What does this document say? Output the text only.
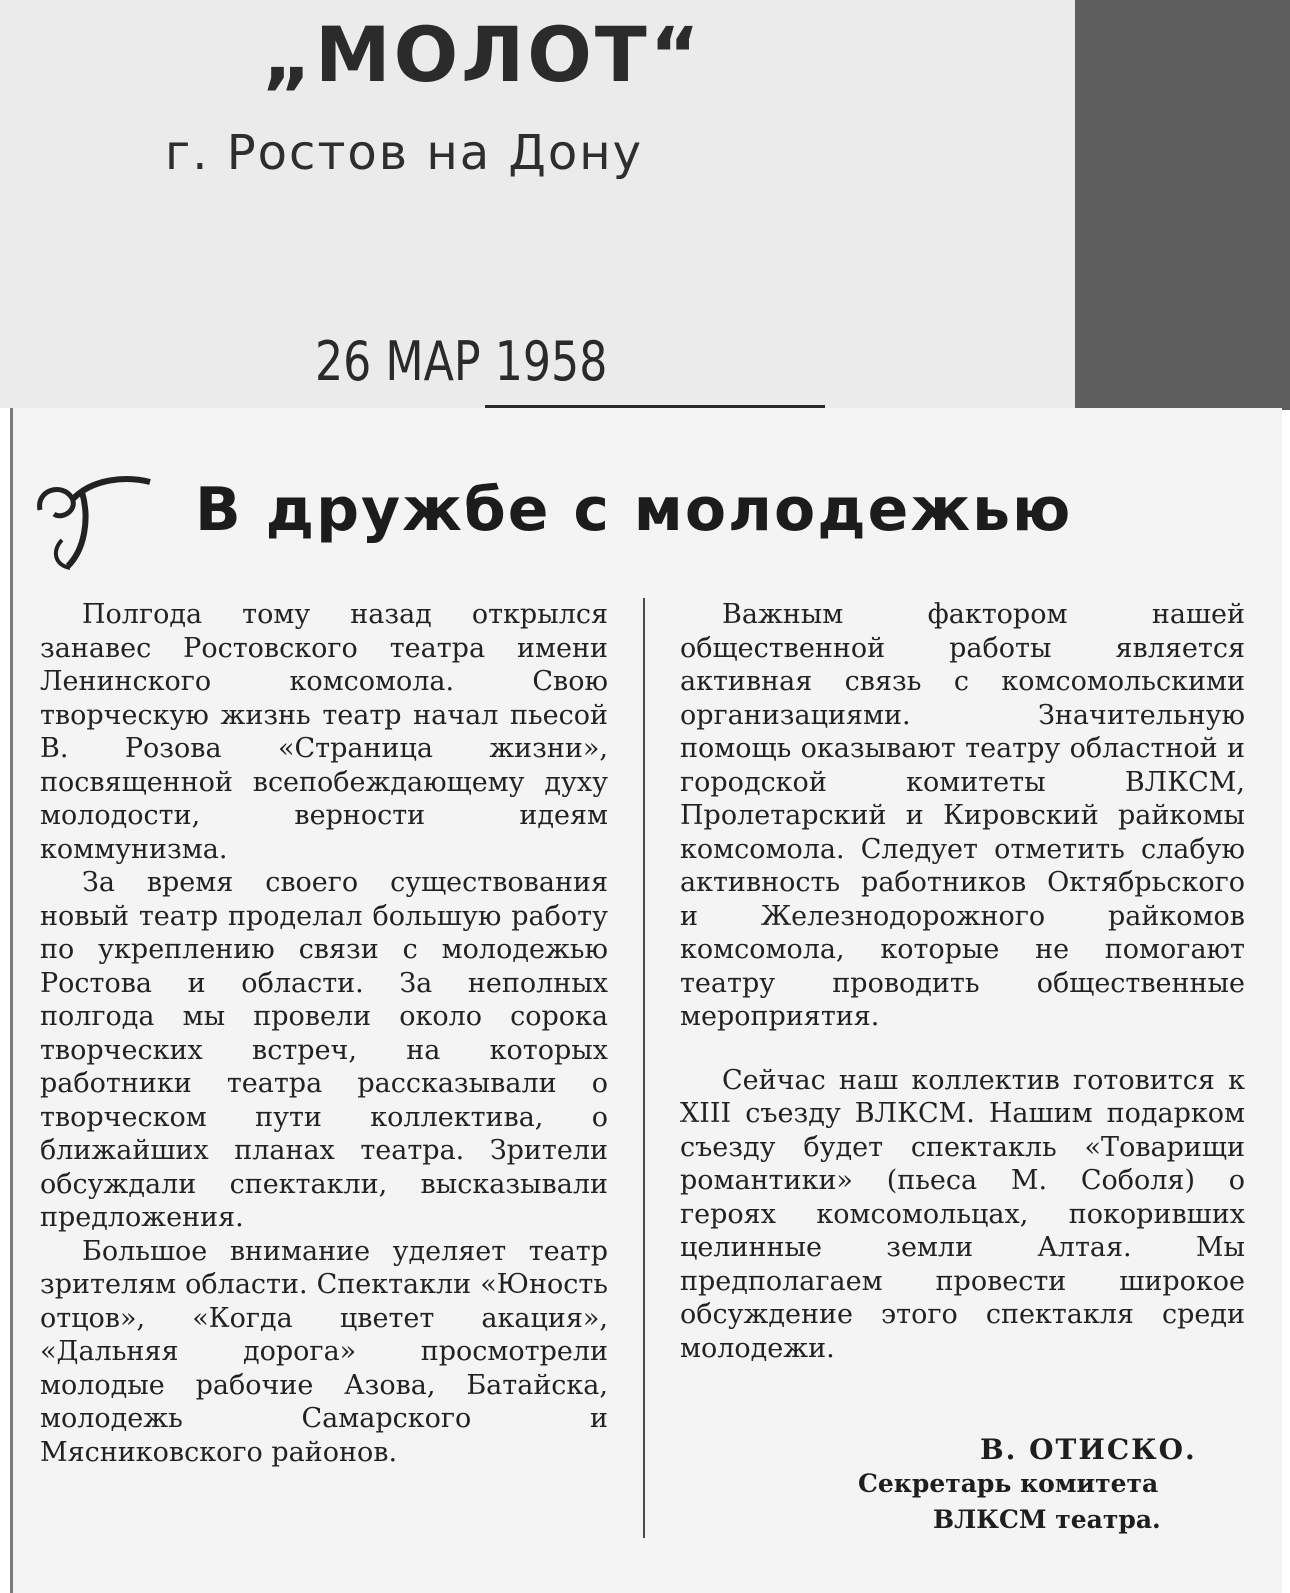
„МОЛОТ“
г. Ростов на Дону
26 МАР 1958
В дружбе с молодежью

Полгода тому назад открылся занавес Ростовского театра имени Ленинского комсомола. Свою творческую жизнь театр начал пьесой В. Розова «Страница жизни», посвященной всепобеждающему духу молодости, верности идеям коммунизма.

За время своего существования новый театр проделал большую работу по укреплению связи с молодежью Ростова и области. За неполных полгода мы провели около сорока творческих встреч, на которых работники театра рассказывали о творческом пути коллектива, о ближайших планах театра. Зрители обсуждали спектакли, высказывали предложения.

Большое внимание уделяет театр зрителям области. Спектакли «Юность отцов», «Когда цветет акация», «Дальняя дорога» просмотрели молодые рабочие Азова, Батайска, молодежь Самарского и Мясниковского районов.

Важным фактором нашей общественной работы является активная связь с комсомольскими организациями. Значительную помощь оказывают театру областной и городской комитеты ВЛКСМ, Пролетарский и Кировский райкомы комсомола. Следует отметить слабую активность работников Октябрьского и Железнодорожного райкомов комсомола, которые не помогают театру проводить общественные мероприятия.

Сейчас наш коллектив готовится к XIII съезду ВЛКСМ. Нашим подарком съезду будет спектакль «Товарищи романтики» (пьеса М. Соболя) о героях комсомольцах, покоривших целинные земли Алтая. Мы предполагаем провести широкое обсуждение этого спектакля среди молодежи.

В. ОТИСКО.
Секретарь комитета
ВЛКСМ театра.
